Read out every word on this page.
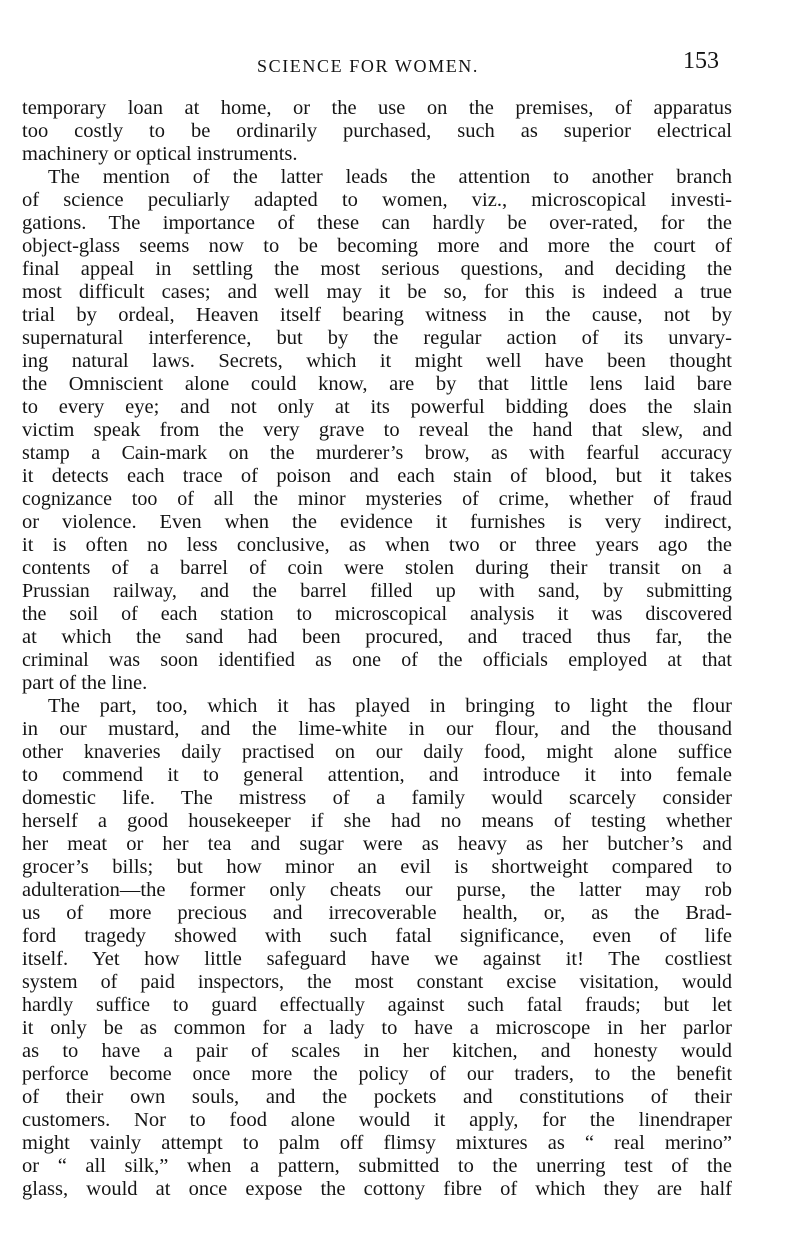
SCIENCE FOR WOMEN.	153
temporary loan at home, or the use on the premises, of apparatus
too costly to be ordinarily purchased, such as superior electrical
machinery or optical instruments.
The mention of the latter leads the attention to another branch
of science peculiarly adapted to women, viz., microscopical investi-
gations. The importance of these can hardly be over-rated, for the
object-glass seems now to be becoming more and more the court of
final appeal in settling the most serious questions, and deciding the
most difficult cases; and well may it be so, for this is indeed a true
trial by ordeal, Heaven itself bearing witness in the cause, not by
supernatural interference, but by the regular action of its unvary-
ing natural laws. Secrets, which it might well have been thought
the Omniscient alone could know, are by that little lens laid bare
to every eye; and not only at its powerful bidding does the slain
victim speak from the very grave to reveal the hand that slew, and
stamp a Cain-mark on the murderer’s brow, as with fearful accuracy
it detects each trace of poison and each stain of blood, but it takes
cognizance too of all the minor mysteries of crime, whether of fraud
or violence. Even when the evidence it furnishes is very indirect,
it is often no less conclusive, as when two or three years ago the
contents of a barrel of coin were stolen during their transit on a
Prussian railway, and the barrel filled up with sand, by submitting
the soil of each station to microscopical analysis it was discovered
at which the sand had been procured, and traced thus far, the
criminal was soon identified as one of the officials employed at that
part of the line.
The part, too, which it has played in bringing to light the flour
in our mustard, and the lime-white in our flour, and the thousand
other knaveries daily practised on our daily food, might alone suffice
to commend it to general attention, and introduce it into female
domestic life. The mistress of a family would scarcely consider
herself a good housekeeper if she had no means of testing whether
her meat or her tea and sugar were as heavy as her butcher’s and
grocer’s bills; but how minor an evil is shortweight compared to
adulteration—the former only cheats our purse, the latter may rob
us of more precious and irrecoverable health, or, as the Brad-
ford tragedy showed with such fatal significance, even of life
itself. Yet how little safeguard have we against it! The costliest
system of paid inspectors, the most constant excise visitation, would
hardly suffice to guard effectually against such fatal frauds; but let
it only be as common for a lady to have a microscope in her parlor
as to have a pair of scales in her kitchen, and honesty would
perforce become once more the policy of our traders, to the benefit
of their own souls, and the pockets and constitutions of their
customers. Nor to food alone would it apply, for the linendraper
might vainly attempt to palm off flimsy mixtures as “ real merino”
or “ all silk,” when a pattern, submitted to the unerring test of the
glass, would at once expose the cottony fibre of which they are half
